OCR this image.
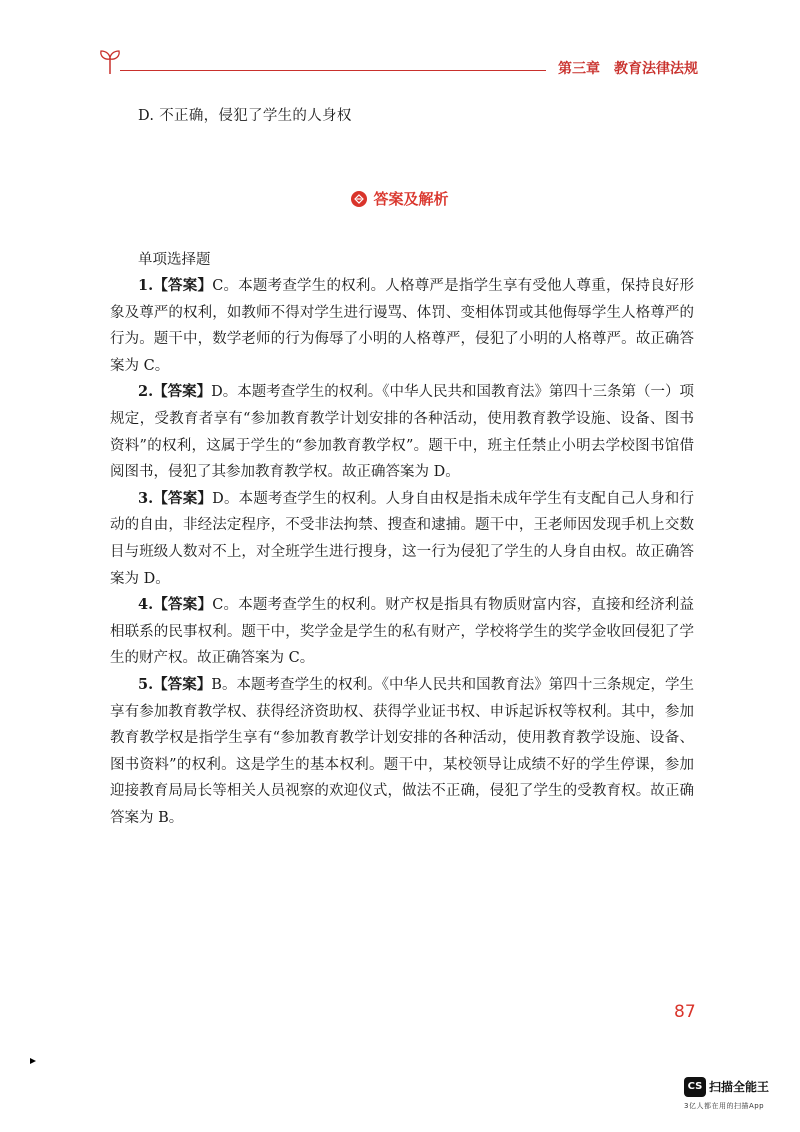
第三章　教育法律法规
D. 不正确，侵犯了学生的人身权
答案及解析
单项选择题

1.【答案】C。本题考查学生的权利。人格尊严是指学生享有受他人尊重，保持良好形象及尊严的权利，如教师不得对学生进行谩骂、体罚、变相体罚或其他侮辱学生人格尊严的行为。题干中，数学老师的行为侮辱了小明的人格尊严，侵犯了小明的人格尊严。故正确答案为 C。

2.【答案】D。本题考查学生的权利。《中华人民共和国教育法》第四十三条第（一）项规定，受教育者享有“参加教育教学计划安排的各种活动，使用教育教学设施、设备、图书资料”的权利，这属于学生的“参加教育教学权”。题干中，班主任禁止小明去学校图书馆借阅图书，侵犯了其参加教育教学权。故正确答案为 D。

3.【答案】D。本题考查学生的权利。人身自由权是指未成年学生有支配自己人身和行动的自由，非经法定程序，不受非法拘禁、搜查和逮捕。题干中，王老师因发现手机上交数目与班级人数对不上，对全班学生进行搜身，这一行为侵犯了学生的人身自由权。故正确答案为 D。

4.【答案】C。本题考查学生的权利。财产权是指具有物质财富内容，直接和经济利益相联系的民事权利。题干中，奖学金是学生的私有财产，学校将学生的奖学金收回侵犯了学生的财产权。故正确答案为 C。

5.【答案】B。本题考查学生的权利。《中华人民共和国教育法》第四十三条规定，学生享有参加教育教学权、获得经济资助权、获得学业证书权、申诉起诉权等权利。其中，参加教育教学权是指学生享有“参加教育教学计划安排的各种活动，使用教育教学设施、设备、图书资料”的权利。这是学生的基本权利。题干中，某校领导让成绩不好的学生停课，参加迎接教育局局长等相关人员视察的欢迎仪式，做法不正确，侵犯了学生的受教育权。故正确答案为 B。

87
CS 扫描全能王
3亿人都在用的扫描App
